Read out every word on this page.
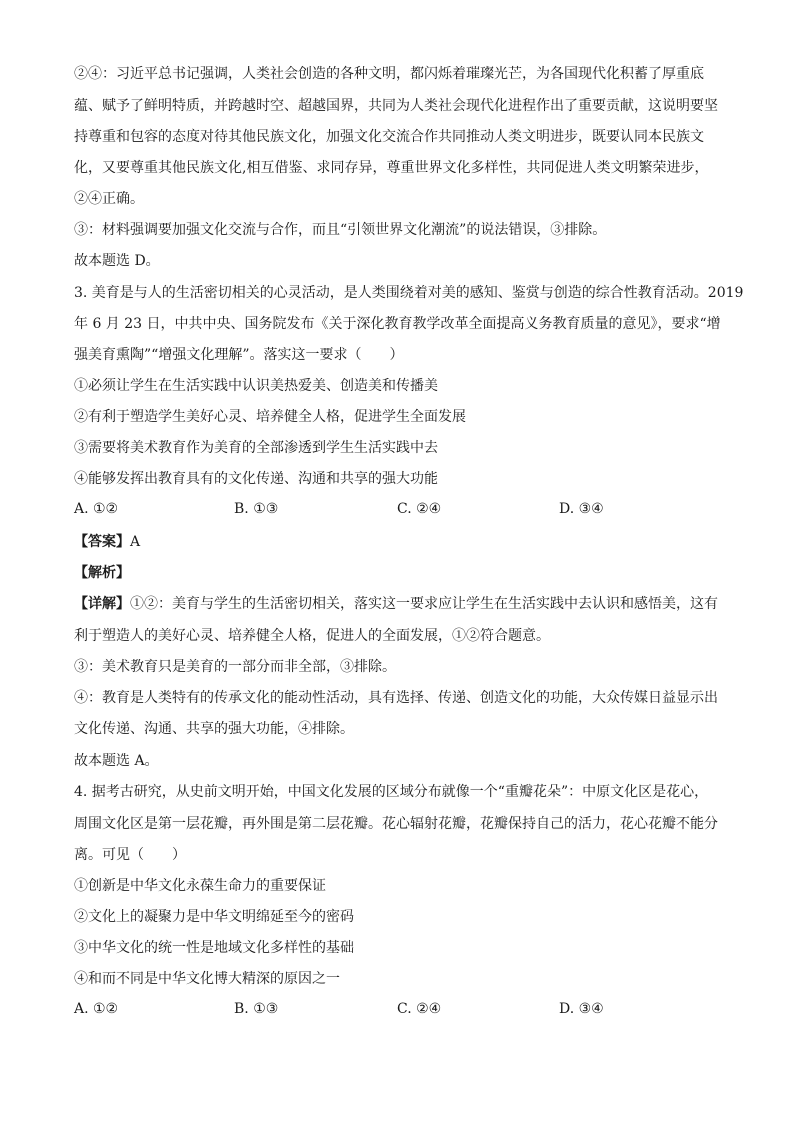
②④：习近平总书记强调，人类社会创造的各种文明，都闪烁着璀璨光芒，为各国现代化积蓄了厚重底
蕴、赋予了鲜明特质，并跨越时空、超越国界，共同为人类社会现代化进程作出了重要贡献，这说明要坚
持尊重和包容的态度对待其他民族文化，加强文化交流合作共同推动人类文明进步，既要认同本民族文
化，又要尊重其他民族文化,相互借鉴、求同存异，尊重世界文化多样性，共同促进人类文明繁荣进步，
②④正确。
③：材料强调要加强文化交流与合作，而且“引领世界文化潮流”的说法错误，③排除。
故本题选 D。
3. 美育是与人的生活密切相关的心灵活动，是人类围绕着对美的感知、鉴赏与创造的综合性教育活动。2019
年 6 月 23 日，中共中央、国务院发布《关于深化教育教学改革全面提高义务教育质量的意见》，要求“增
强美育熏陶”“增强文化理解”。落实这一要求（　　）
①必须让学生在生活实践中认识美热爱美、创造美和传播美
②有利于塑造学生美好心灵、培养健全人格，促进学生全面发展
③需要将美术教育作为美育的全部渗透到学生生活实践中去
④能够发挥出教育具有的文化传递、沟通和共享的强大功能
A. ①②	B. ①③	C. ②④	D. ③④
【答案】A
【解析】
【详解】①②：美育与学生的生活密切相关，落实这一要求应让学生在生活实践中去认识和感悟美，这有
利于塑造人的美好心灵、培养健全人格，促进人的全面发展，①②符合题意。
③：美术教育只是美育的一部分而非全部，③排除。
④：教育是人类特有的传承文化的能动性活动，具有选择、传递、创造文化的功能，大众传媒日益显示出
文化传递、沟通、共享的强大功能，④排除。
故本题选 A。
4. 据考古研究，从史前文明开始，中国文化发展的区域分布就像一个“重瓣花朵”：中原文化区是花心，
周围文化区是第一层花瓣，再外围是第二层花瓣。花心辐射花瓣，花瓣保持自己的活力，花心花瓣不能分
离。可见（　　）
①创新是中华文化永葆生命力的重要保证
②文化上的凝聚力是中华文明绵延至今的密码
③中华文化的统一性是地域文化多样性的基础
④和而不同是中华文化博大精深的原因之一
A. ①②	B. ①③	C. ②④	D. ③④
